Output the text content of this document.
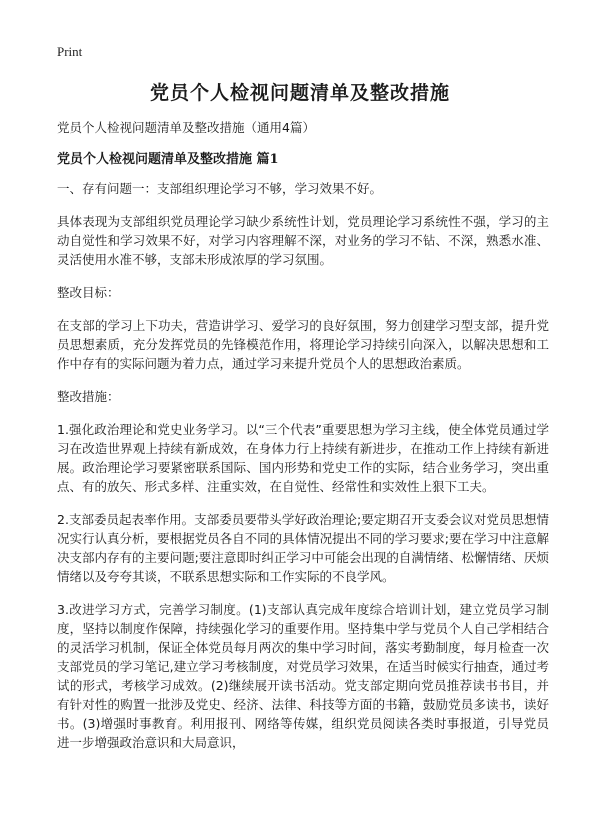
Print
党员个人检视问题清单及整改措施

党员个人检视问题清单及整改措施（通用4篇）

党员个人检视问题清单及整改措施 篇1

一、存有问题一：支部组织理论学习不够，学习效果不好。

具体表现为支部组织党员理论学习缺少系统性计划，党员理论学习系统性不强，学习的主动自觉性和学习效果不好，对学习内容理解不深，对业务的学习不钻、不深，熟悉水准、灵活使用水准不够，支部未形成浓厚的学习氛围。

整改目标：

在支部的学习上下功夫，营造讲学习、爱学习的良好氛围，努力创建学习型支部，提升党员思想素质，充分发挥党员的先锋模范作用，将理论学习持续引向深入，以解决思想和工作中存有的实际问题为着力点，通过学习来提升党员个人的思想政治素质。

整改措施：

1.强化政治理论和党史业务学习。以“三个代表”重要思想为学习主线，使全体党员通过学习在改造世界观上持续有新成效，在身体力行上持续有新进步，在推动工作上持续有新进展。政治理论学习要紧密联系国际、国内形势和党史工作的实际，结合业务学习，突出重点、有的放矢、形式多样、注重实效，在自觉性、经常性和实效性上狠下工夫。

2.支部委员起表率作用。支部委员要带头学好政治理论;要定期召开支委会议对党员思想情况实行认真分析，要根据党员各自不同的具体情况提出不同的学习要求;要在学习中注意解决支部内存有的主要问题;要注意即时纠正学习中可能会出现的自满情绪、松懈情绪、厌烦情绪以及夸夸其谈，不联系思想实际和工作实际的不良学风。

3.改进学习方式，完善学习制度。(1)支部认真完成年度综合培训计划，建立党员学习制度，坚持以制度作保障，持续强化学习的重要作用。坚持集中学与党员个人自己学相结合的灵活学习机制，保证全体党员每月两次的集中学习时间，落实考勤制度，每月检查一次支部党员的学习笔记,建立学习考核制度，对党员学习效果，在适当时候实行抽查，通过考试的形式，考核学习成效。(2)继续展开读书活动。党支部定期向党员推荐读书书目，并有针对性的购置一批涉及党史、经济、法律、科技等方面的书籍，鼓励党员多读书，读好书。(3)增强时事教育。利用报刊、网络等传媒，组织党员阅读各类时事报道，引导党员进一步增强政治意识和大局意识，
